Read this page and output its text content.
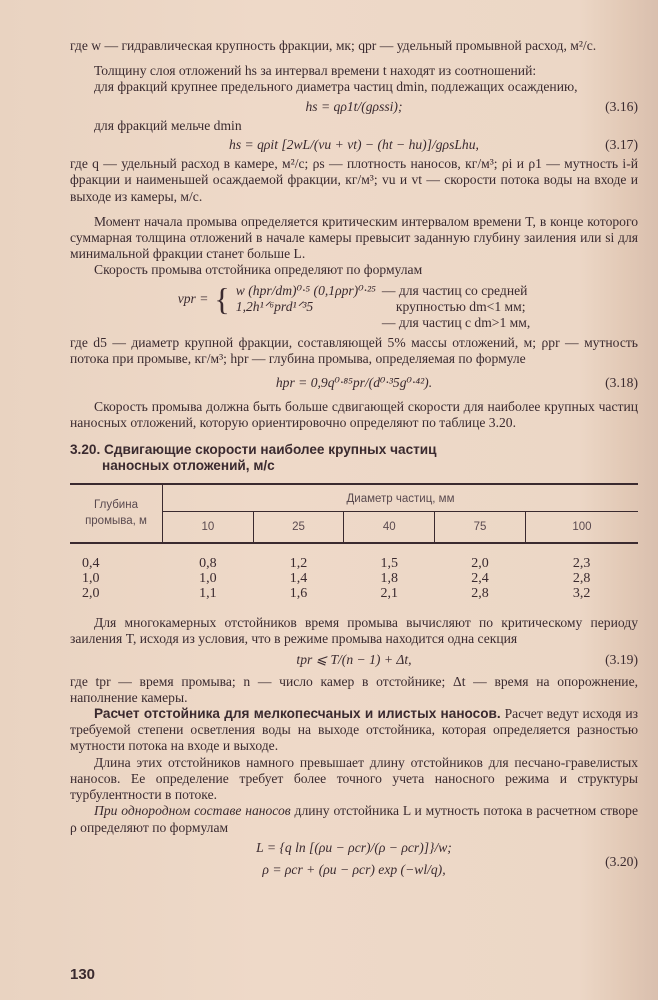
где w — гидравлическая крупность фракции, мк; qpr — удельный промывной расход, м²/с.

Толщину слоя отложений hs за интервал времени t находят из соотношений:

для фракций крупнее предельного диаметра частиц dmin, подлежащих осаждению,

hs = qρ1t/(gρssi);	(3.16)

для фракций мельче dmin

hs = qρit [2wL/(vu + vt) − (ht − hu)]/gρsLhu,	(3.17)

где q — удельный расход в камере, м²/с; ρs — плотность наносов, кг/м³; ρi и ρ1 — мутность i-й фракции и наименьшей осаждаемой фракции, кг/м³; vu и vt — скорости потока воды на входе и выходе из камеры, м/с.

Момент начала промыва определяется критическим интервалом времени T, в конце которого суммарная толщина отложений в начале камеры превысит заданную глубину заиления или si для минимальной фракции станет больше L.

Скорость промыва отстойника определяют по формулам

vpr = { w (hpr/dm)⁰·⁵ (0,1ρpr)⁰·²⁵
1,2h¹ᐟ⁶prd¹ᐟ³5
— для частиц со средней
крупностью dm<1 мм;
— для частиц с dm>1 мм,

где d5 — диаметр крупной фракции, составляющей 5% массы отложений, м; ρpr — мутность потока при промыве, кг/м³; hpr — глубина промыва, определяемая по формуле

hpr = 0,9q⁰·⁸⁵pr/(d⁰·³5g⁰·⁴²).	(3.18)

Скорость промыва должна быть больше сдвигающей скорости для наиболее крупных частиц наносных отложений, которую ориентировочно определяют по таблице 3.20.

3.20. Сдвигающие скорости наиболее крупных частиц
наносных отложений, м/с
Глубина промыва, м	Диаметр частиц, мм				
	10	25	40	75	100
0,4	0,8	1,2	1,5	2,0	2,3
1,0	1,0	1,4	1,8	2,4	2,8
2,0	1,1	1,6	2,1	2,8	3,2

Для многокамерных отстойников время промыва вычисляют по критическому периоду заиления T, исходя из условия, что в режиме промыва находится одна секция

tpr ⩽ T/(n − 1) + Δt,	(3.19)

где tpr — время промыва; n — число камер в отстойнике; Δt — время на опорожнение, наполнение камеры.

Расчет отстойника для мелкопесчаных и илистых наносов. Расчет ведут исходя из требуемой степени осветления воды на выходе отстойника, которая определяется разностью мутности потока на входе и выходе.

Длина этих отстойников намного превышает длину отстойников для песчано-гравелистых наносов. Ее определение требует более точного учета наносного режима и структуры турбулентности в потоке.

При однородном составе наносов длину отстойника L и мутность потока в расчетном створе ρ определяют по формулам

L = {q ln [(ρu − ρcr)/(ρ − ρcr)]}/w;
ρ = ρcr + (ρu − ρcr) exp (−wl/q),
(3.20)
130
